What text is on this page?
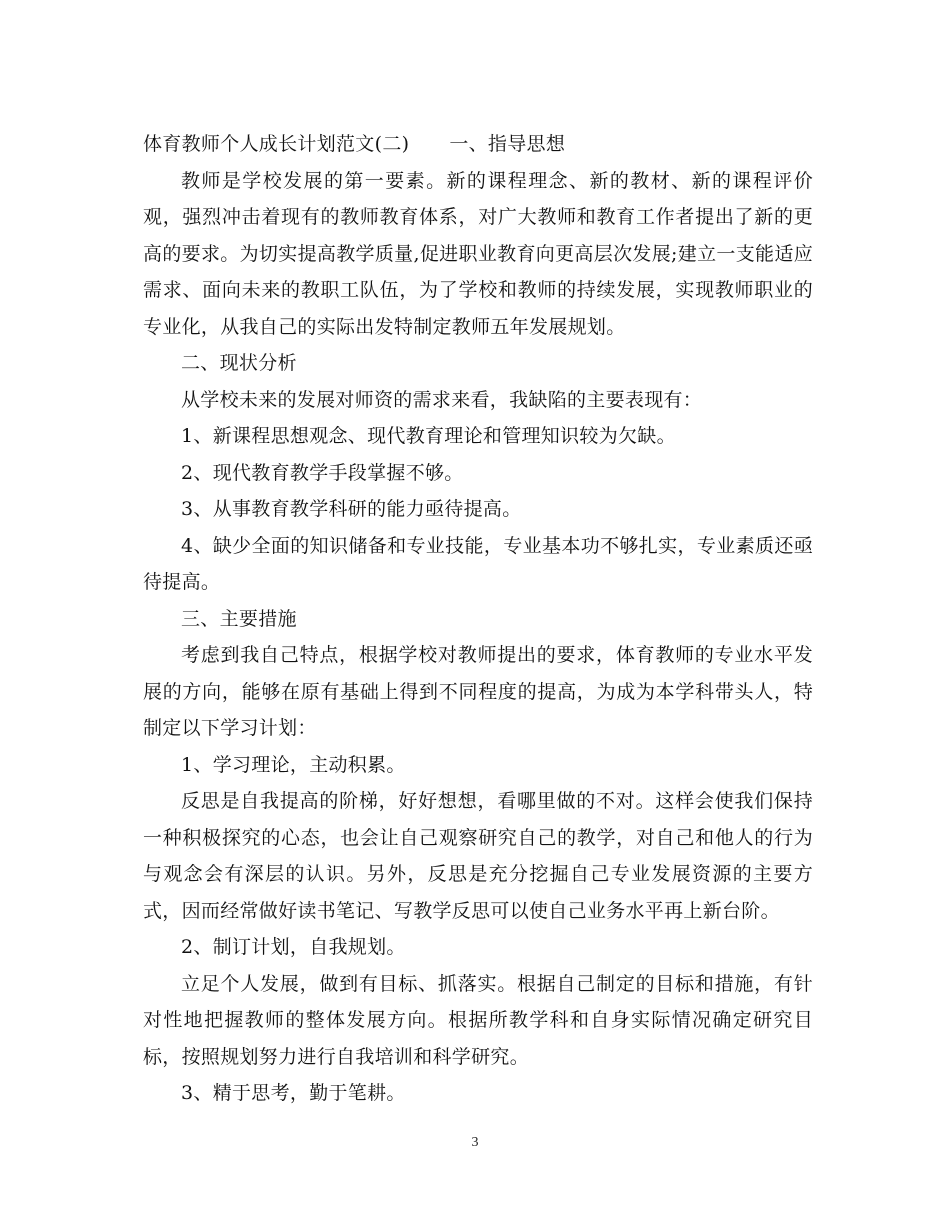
体育教师个人成长计划范文(二) 一、指导思想

教师是学校发展的第一要素。新的课程理念、新的教材、新的课程评价观，强烈冲击着现有的教师教育体系，对广大教师和教育工作者提出了新的更高的要求。为切实提高教学质量,促进职业教育向更高层次发展;建立一支能适应需求、面向未来的教职工队伍，为了学校和教师的持续发展，实现教师职业的专业化，从我自己的实际出发特制定教师五年发展规划。

二、现状分析

从学校未来的发展对师资的需求来看，我缺陷的主要表现有：

1、新课程思想观念、现代教育理论和管理知识较为欠缺。

2、现代教育教学手段掌握不够。

3、从事教育教学科研的能力亟待提高。

4、缺少全面的知识储备和专业技能，专业基本功不够扎实，专业素质还亟待提高。

三、主要措施

考虑到我自己特点，根据学校对教师提出的要求，体育教师的专业水平发展的方向，能够在原有基础上得到不同程度的提高，为成为本学科带头人，特制定以下学习计划：

1、学习理论，主动积累。

反思是自我提高的阶梯，好好想想，看哪里做的不对。这样会使我们保持一种积极探究的心态，也会让自己观察研究自己的教学，对自己和他人的行为与观念会有深层的认识。另外，反思是充分挖掘自己专业发展资源的主要方式，因而经常做好读书笔记、写教学反思可以使自己业务水平再上新台阶。

2、制订计划，自我规划。

立足个人发展，做到有目标、抓落实。根据自己制定的目标和措施，有针对性地把握教师的整体发展方向。根据所教学科和自身实际情况确定研究目标，按照规划努力进行自我培训和科学研究。

3、精于思考，勤于笔耕。

3
